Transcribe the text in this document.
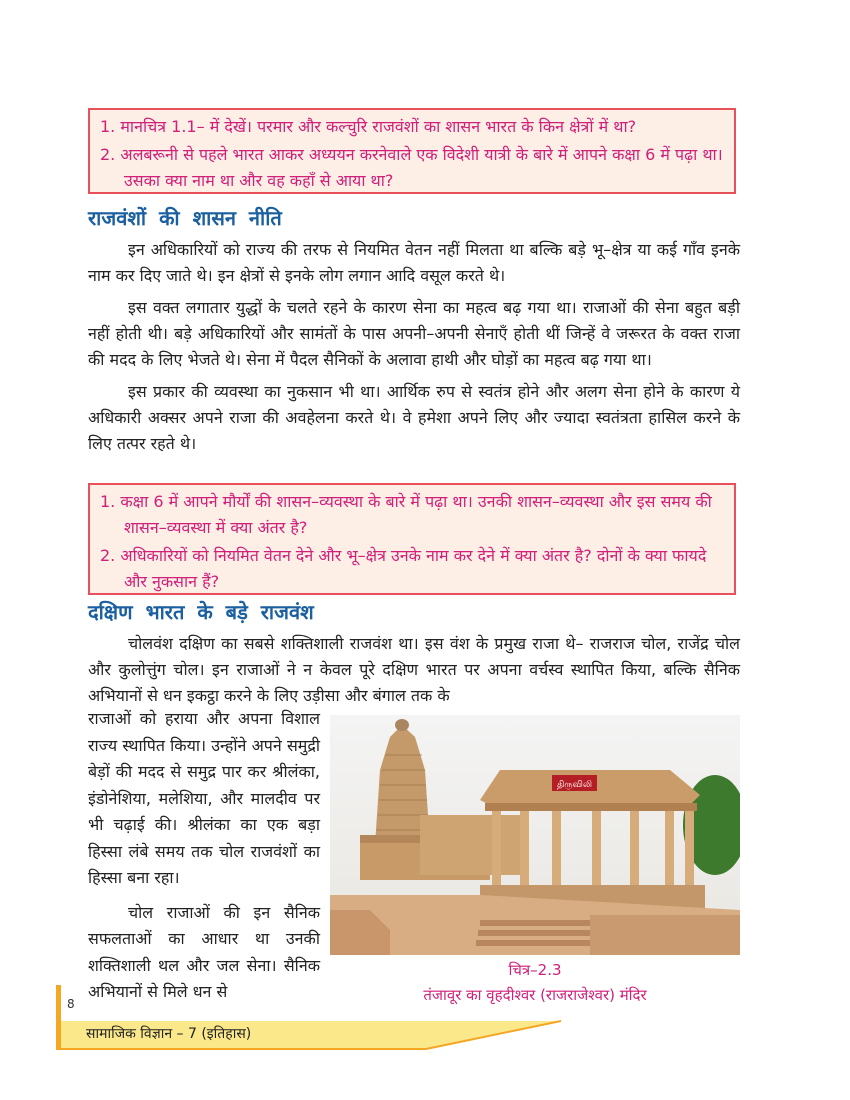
1. मानचित्र 1.1– में देखें। परमार और कल्चुरि राजवंशों का शासन भारत के किन क्षेत्रों में था?

2. अलबरूनी से पहले भारत आकर अध्ययन करनेवाले एक विदेशी यात्री के बारे में आपने कक्षा 6 में पढ़ा था। उसका क्या नाम था और वह कहाँ से आया था?

राजवंशों की शासन नीति

इन अधिकारियों को राज्य की तरफ से नियमित वेतन नहीं मिलता था बल्कि बड़े भू–क्षेत्र या कई गाँव इनके नाम कर दिए जाते थे। इन क्षेत्रों से इनके लोग लगान आदि वसूल करते थे।

इस वक्त लगातार युद्धों के चलते रहने के कारण सेना का महत्व बढ़ गया था। राजाओं की सेना बहुत बड़ी नहीं होती थी। बड़े अधिकारियों और सामंतों के पास अपनी–अपनी सेनाएँ होती थीं जिन्हें वे जरूरत के वक्त राजा की मदद के लिए भेजते थे। सेना में पैदल सैनिकों के अलावा हाथी और घोड़ों का महत्व बढ़ गया था।

इस प्रकार की व्यवस्था का नुकसान भी था। आर्थिक रुप से स्वतंत्र होने और अलग सेना होने के कारण ये अधिकारी अक्सर अपने राजा की अवहेलना करते थे। वे हमेशा अपने लिए और ज्यादा स्वतंत्रता हासिल करने के लिए तत्पर रहते थे।

1. कक्षा 6 में आपने मौर्यों की शासन–व्यवस्था के बारे में पढ़ा था। उनकी शासन–व्यवस्था और इस समय की शासन–व्यवस्था में क्या अंतर है?

2. अधिकारियों को नियमित वेतन देने और भू–क्षेत्र उनके नाम कर देने में क्या अंतर है? दोनों के क्या फायदे और नुकसान हैं?

दक्षिण भारत के बड़े राजवंश

चोलवंश दक्षिण का सबसे शक्तिशाली राजवंश था। इस वंश के प्रमुख राजा थे– राजराज चोल, राजेंद्र चोल और कुलोत्तुंग चोल। इन राजाओं ने न केवल पूरे दक्षिण भारत पर अपना वर्चस्व स्थापित किया, बल्कि सैनिक अभियानों से धन इकट्ठा करने के लिए उड़ीसा और बंगाल तक के

राजाओं को हराया और अपना विशाल राज्य स्थापित किया। उन्होंने अपने समुद्री बेड़ों की मदद से समुद्र पार कर श्रीलंका, इंडोनेशिया, मलेशिया, और मालदीव पर भी चढ़ाई की। श्रीलंका का एक बड़ा हिस्सा लंबे समय तक चोल राजवंशों का हिस्सा बना रहा।

चोल राजाओं की इन सैनिक सफलताओं का आधार था उनकी शक्तिशाली थल और जल सेना। सैनिक अभियानों से मिले धन से

திருவிலி
चित्र–2.3
तंजावूर का वृहदीश्वर (राजराजेश्वर) मंदिर
8
सामाजिक विज्ञान – 7 (इतिहास)
